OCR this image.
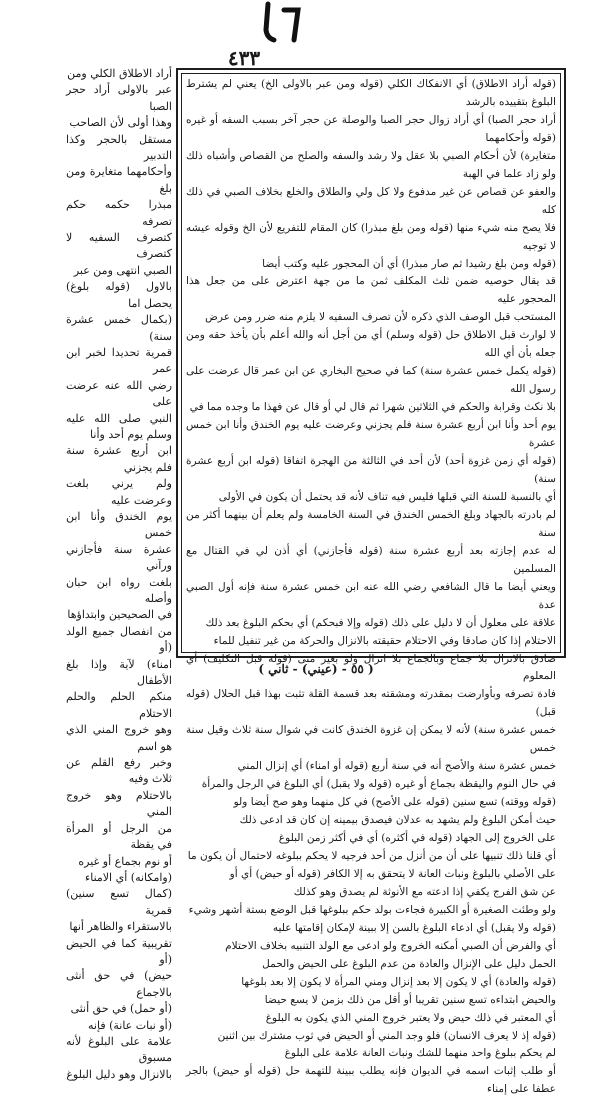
٤٣٣
أراد الاطلاق الكلي ومن
عبر بالاولى أراد حجر الصبا
وهذا أولى لأن الصاحب
مستقل بالحجر وكذا التدبير
وأحكامهما متغايرة ومن بلغ
مبذرا حكمه حكم تصرفه
كتصرف السفيه لا كتصرف
الصبي انتهى ومن عبر
بالاول (قوله بلوغ) يحصل اما
(بكمال خمس عشرة سنة)
قمرية تحديدا لخبر ابن عمر
رضي الله عنه عرضت على
النبي صلى الله عليه وسلم يوم أحد وأنا
ابن أربع عشرة سنة فلم يجزني
ولم يرني بلغت وعرضت عليه
يوم الخندق وأنا ابن خمس
عشرة سنة فأجازني ورآني
بلغت رواه ابن حبان وأصله
في الصحيحين وابتداؤها
من انفصال جميع الولد (أو
امناء) لآية وإذا بلغ الأطفال
منكم الحلم والحلم الاحتلام
وهو خروج المني الذي هو اسم
وخبر رفع القلم عن ثلاث وفيه
بالاحتلام وهو خروج المني
من الرجل أو المرأة في يقظة
أو نوم بجماع أو غيره
(وامكانه) أي الامناء
(كمال تسع سنين) قمرية
بالاستقراء والظاهر أنها
تقريبية كما في الحيض (أو
حيض) في حق أنثى بالاجماع
(أو حمل) في حق أنثى
(أو نبات عانة) فإنه
علامة على البلوغ لأنه مسبوق
بالانزال وهو دليل البلوغ

(قوله أراد الاطلاق) أي الانفكاك الكلي (قوله ومن عبر بالاولى الخ) يعني لم يشترط البلوغ بتقييده بالرشد

أراد حجر الصبا) أي أراد زوال حجر الصبا والوصلة عن حجر آخر بسبب السفه أو غيره (قوله وأحكامهما

متغايرة) لأن أحكام الصبي بلا عقل ولا رشد والسفه والصلح من القصاص وأشباه ذلك ولو زاد علما في الهبة

والعفو عن قصاص عن غير مدفوع ولا كل ولي والطلاق والخلع بخلاف الصبي في ذلك كله

فلا يصح منه شيء منها (قوله ومن بلغ مبذرا) كان المقام للتفريع لأن الخ وقوله عيشه لا توجيه

(قوله ومن بلغ رشيدا ثم صار مبذرا) أي أن المحجور عليه وكتب أيضا

قد يقال حوصيه ضمن ثلث المكلف ثمن ما من جهة اعترض على من جعل هذا المحجور عليه

المستحب قبل الوصف الذي ذكره لأن تصرف السفيه لا يلزم منه ضرر ومن عرض

لا لوارث قبل الاطلاق حل (قوله وسلم) أي من أجل أنه والله أعلم بأن يأخذ حقه ومن جعله بأن أي الله

(قوله يكمل خمس عشرة سنة) كما في صحيح البخاري عن ابن عمر قال عرضت على رسول الله

بلا نكث وقرابة والحكم في الثلاثين شهرا ثم قال لي أو قال عن فهذا ما وجده مما في

يوم أحد وأنا ابن أربع عشرة سنة فلم يجزني وعرضت عليه يوم الخندق وأنا ابن خمس عشرة

(قوله أي زمن غزوة أحد) لأن أحد في الثالثة من الهجرة اتفاقا (قوله ابن أربع عشرة سنة)

أي بالنسبة للسنة التي قبلها فليس فيه تناف لأنه قد يحتمل أن يكون في الأولى

لم بادرته بالجهاد وبلغ الخمس الخندق في السنة الخامسة ولم يعلم أن بينهما أكثر من سنة

له عدم إجازته بعد أربع عشرة سنة (قوله فأجازني) أي أذن لي في القتال مع المسلمين

ويعني أيضا ما قال الشافعي رضي الله عنه ابن خمس عشرة سنة فإنه أول الصبي عدة

علاقة على معلول أن لا دليل على ذلك (قوله وإلا فبحكم) أي بحكم البلوغ بعد ذلك

الاحتلام إذا كان صادقا وفي الاحتلام حقيقته بالانزال والحركة من غير تنفيل للماء

صادق بالانزال بلا جماع وبالجماع بلا انزال ولو بغير منى (قوله قبل التكليف) أي المعلوم

فادة تصرفه وبأوارضت بمقدرته ومشقته بعد قسمة القلة تثبت بهذا قبل الحلال (قوله قبل)

خمس عشرة سنة) لأنه لا يمكن إن غزوة الخندق كانت في شوال سنة ثلاث وقيل سنة خمس

خمس عشرة سنة والأصح أنه في سنة أربع (قوله أو امناء) أي إنزال المني

في حال النوم واليقظة بجماع أو غيره (قوله ولا يقبل) أي البلوغ في الرجل والمرأة

(قوله ووقته) تسع سنين (قوله على الأصح) في كل منهما وهو صح أيضا ولو

حيث أمكن البلوغ ولم يشهد به عدلان فيصدق بيمينه إن كان قد ادعى ذلك

على الخروج إلى الجهاد (قوله في أكثره) أي في أكثر زمن البلوغ

أي قلنا ذلك تنبيها على أن من أنزل من أحد فرجيه لا يحكم ببلوغه لاحتمال أن يكون ما

على الأصلي بالبلوغ ونبات العانة لا يتحقق به إلا الكافر (قوله أو حيض) أي أو

عن شق الفرج يكفي إذا ادعته مع الأنوثة لم يصدق وهو كذلك

ولو وطئت الصغيرة أو الكبيرة فجاءت بولد حكم ببلوغها قبل الوضع بستة أشهر وشيء

(قوله ولا يقبل) أي ادعاء البلوغ بالسن إلا ببينة لإمكان إقامتها عليه

أي والفرض أن الصبي أمكنه الخروج ولو ادعى مع الولد التنبيه بخلاف الاحتلام

الحمل دليل على الإنزال والعادة من عدم البلوغ على الحيض والحمل

(قوله والعادة) أي لا يكون إلا بعد إنزال ومني المرأة لا يكون إلا بعد بلوغها

والحيض ابتداءه تسع سنين تقريبا أو أقل من ذلك بزمن لا يسع حيضا

أي المعتبر في ذلك حيض ولا يعتبر خروج المني الذي يكون به البلوغ

(قوله إذ لا يعرف الانسان) فلو وجد المني أو الحيض في ثوب مشترك بين اثنين

لم يحكم ببلوغ واحد منهما للشك ونبات العانة علامة على البلوغ

أو طلب إثبات اسمه في الديوان فإنه يطلب ببينة للتهمة حل (قوله أو حيض) بالجر عطفا على إمناء

( ٥٥ - (عيني) - ثاني )
